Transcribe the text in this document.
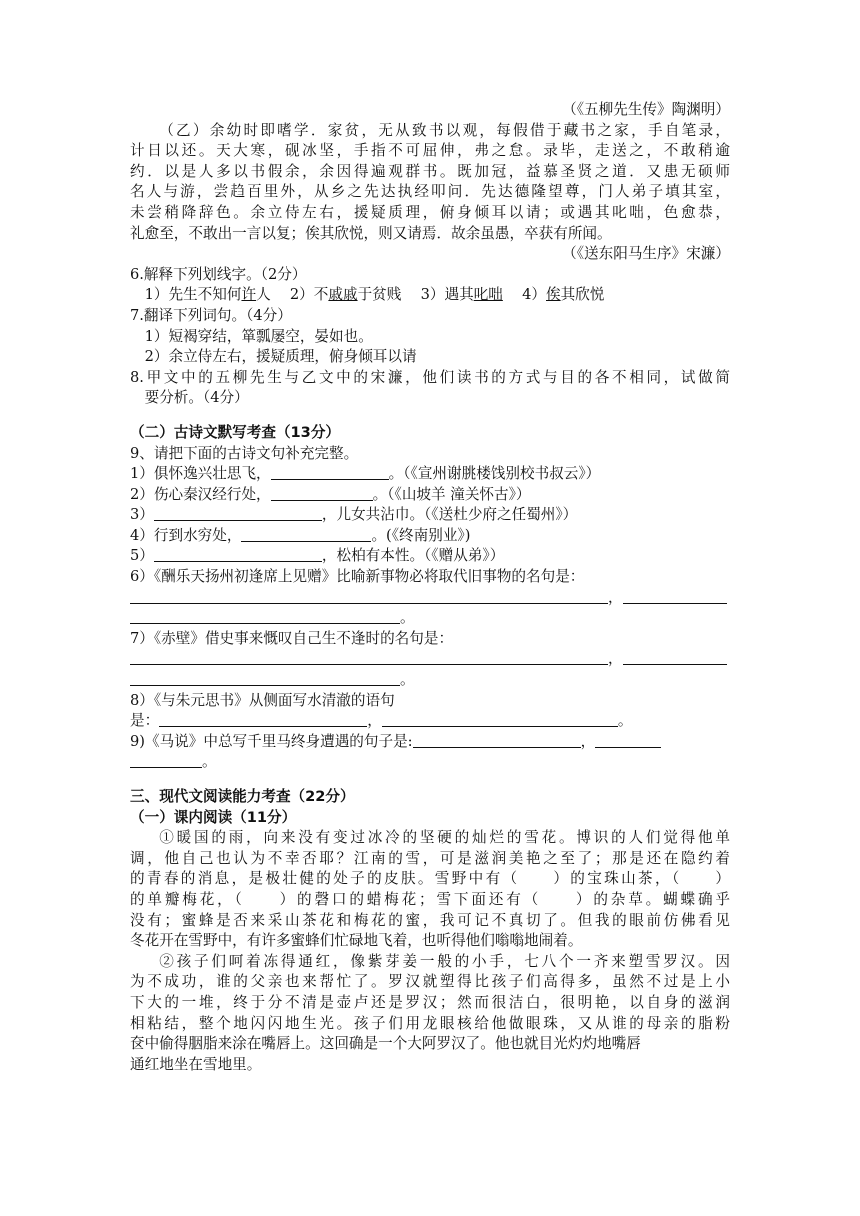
（《五柳先生传》陶渊明）
（乙）余幼时即嗜学．家贫，无从致书以观，每假借于藏书之家，手自笔录，
计日以还。天大寒，砚冰坚，手指不可屈伸，弗之怠。录毕，走送之，不敢稍逾
约．以是人多以书假余，余因得遍观群书。既加冠，益慕圣贤之道．又患无硕师
名人与游，尝趋百里外，从乡之先达执经叩问．先达德隆望尊，门人弟子填其室，
未尝稍降辞色。余立侍左右，援疑质理，俯身倾耳以请；或遇其叱咄，色愈恭，
礼愈至，不敢出一言以复；俟其欣悦，则又请焉．故余虽愚，卒获有所闻。
（《送东阳马生序》宋濂）
6.解释下列划线字。（2分）
1）先生不知何许人　 2）不戚戚于贫贱　 3）遇其叱咄　 4）俟其欣悦
7.翻译下列词句。（4分）
1）短褐穿结，箪瓢屡空，晏如也。
2）余立侍左右，援疑质理，俯身倾耳以请
8.甲文中的五柳先生与乙文中的宋濂，他们读书的方式与目的各不相同，试做简
要分析。（4分）
（二）古诗文默写考查（13分）
9、请把下面的古诗文句补充完整。
1）俱怀逸兴壮思飞，	。（《宣州谢朓楼饯别校书叔云》）
2）伤心秦汉经行处，	。（《山坡羊 潼关怀古》）
3）	，儿女共沾巾。（《送杜少府之任蜀州》）
4）行到水穷处，	。(《终南别业》)
5）	，松柏有本性。（《赠从弟》）
6）《酬乐天扬州初逢席上见赠》比喻新事物必将取代旧事物的名句是：
，
。
7）《赤壁》借史事来慨叹自己生不逢时的名句是：
，
。
8）《与朱元思书》从侧面写水清澈的语句
是：	，	。
9)《马说》中总写千里马终身遭遇的句子是:	，
。
三、现代文阅读能力考查（22分）
（一）课内阅读（11分）
①暖国的雨，向来没有变过冰冷的坚硬的灿烂的雪花。博识的人们觉得他单
调，他自己也认为不幸否耶？江南的雪，可是滋润美艳之至了；那是还在隐约着
的青春的消息，是极壮健的处子的皮肤。雪野中有（　　）的宝珠山茶，（　　）
的单瓣梅花，（　　）的磬口的蜡梅花；雪下面还有（　　）的杂草。蝴蝶确乎
没有；蜜蜂是否来采山茶花和梅花的蜜，我可记不真切了。但我的眼前仿佛看见
冬花开在雪野中，有许多蜜蜂们忙碌地飞着，也听得他们嗡嗡地闹着。
②孩子们呵着冻得通红，像紫芽姜一般的小手，七八个一齐来塑雪罗汉。因
为不成功，谁的父亲也来帮忙了。罗汉就塑得比孩子们高得多，虽然不过是上小
下大的一堆，终于分不清是壶卢还是罗汉；然而很洁白，很明艳，以自身的滋润
相粘结，整个地闪闪地生光。孩子们用龙眼核给他做眼珠，又从谁的母亲的脂粉
奁中偷得胭脂来涂在嘴唇上。这回确是一个大阿罗汉了。他也就目光灼灼地嘴唇
通红地坐在雪地里。
